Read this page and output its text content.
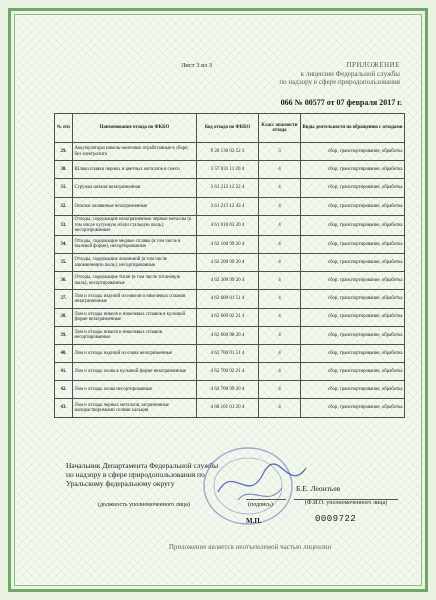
Лист 3 из 3	ПРИЛОЖЕНИЕ
к лицензии Федеральной службы
по надзору в сфере природопользования
066 № 00577 от 07 февраля 2017 г.
№ п/п	Наименование отхода по ФККО	Код отхода по ФККО	Класс опасности отхода	Виды деятельности по обращению с отходами
29.	Аккумуляторы никель-железные отработанные в сборе, без электролита	9 20 130 02 52 3	3	сбор, транспортирование, обработка
30.	Шлаки плавки черных и цветных металлов в смеси	3 57 031 11 20 4	4	сбор, транспортирование, обработка
31.	Стружка никеля незагрязненная	3 61 212 12 22 4	4	сбор, транспортирование, обработка
32.	Опилки оловянные незагрязненные	3 61 213 12 43 4	4	сбор, транспортирование, обработка
33.	Отходы, содержащие незагрязненные черные металлы (в том числе чугунную и/или стальную пыль), несортированные	4 61 010 03 20 4	4	сбор, транспортирование, обработка
34.	Отходы, содержащие медные сплавы (в том числе в пылевой форме), несортированные	4 62 100 99 20 4	4	сбор, транспортирование, обработка
35.	Отходы, содержащие алюминий (в том числе алюминиевую пыль), несортированные	4 62 200 99 20 4	4	сбор, транспортирование, обработка
36.	Отходы, содержащие титан (в том числе титановую пыль), несортированные	4 62 300 99 20 4	4	сбор, транспортирование, обработка
37.	Лом и отходы изделий из никеля и никелевых сплавов незагрязненные	4 62 600 01 51 4	4	сбор, транспортирование, обработка
38.	Лом и отходы никеля и никелевых сплавов в кусковой форме незагрязненные	4 62 600 02 21 4	4	сбор, транспортирование, обработка
39.	Лом и отходы никеля и никелевых сплавов несортированные	4 62 600 98 20 4	4	сбор, транспортирование, обработка
40.	Лом и отходы изделий из олова незагрязненные	4 62 700 01 51 4	4	сбор, транспортирование, обработка
41.	Лом и отходы олова в кусковой форме незагрязненные	4 62 700 02 21 4	4	сбор, транспортирование, обработка
42.	Лом и отходы олова несортированные	4 62 700 99 20 4	4	сбор, транспортирование, обработка
43.	Лом и отходы черных металлов, загрязненные малорастворимыми солями кальция	4 68 101 01 20 4	4	сбор, транспортирование, обработка
Начальник Департамента Федеральной службы по надзору в сфере природопользования по Уральскому федеральному округу
Б.Е. Леонтьев
(должность уполномоченного лица)	(подпись)	(Ф.И.О. уполномоченного лица)
М.П.	0009722
Приложение является неотъемлемой частью лицензии
